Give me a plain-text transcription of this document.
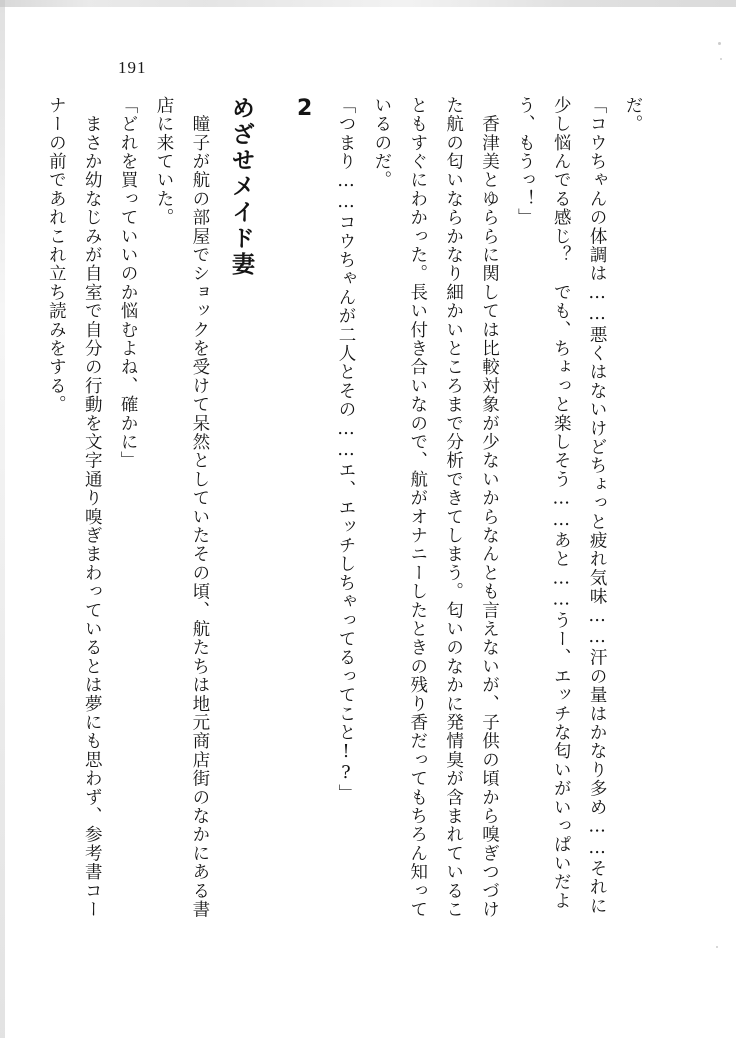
191

だ。

「コウちゃんの体調は……悪くはないけどちょっと疲れ気味……汗の量はかなり多め……それに少し悩んでる感じ？　でも、ちょっと楽しそう……あと……うー、エッチな匂いがいっぱいだよう、もうっ！」

　香津美とゆららに関しては比較対象が少ないからなんとも言えないが、子供の頃から嗅ぎつづけた航の匂いならかなり細かいところまで分析できてしまう。匂いのなかに発情臭が含まれていることもすぐにわかった。長い付き合いなので、航がオナニーしたときの残り香だってもちろん知っているのだ。

「つまり……コウちゃんが二人とその……エ、エッチしちゃってるってこと!?」

2
めざせメイド妻

　瞳子が航の部屋でショックを受けて呆然としていたその頃、航たちは地元商店街のなかにある書店に来ていた。

「どれを買っていいのか悩むよね、確かに」

　まさか幼なじみが自室で自分の行動を文字通り嗅ぎまわっているとは夢にも思わず、参考書コーナーの前であれこれ立ち読みをする。
